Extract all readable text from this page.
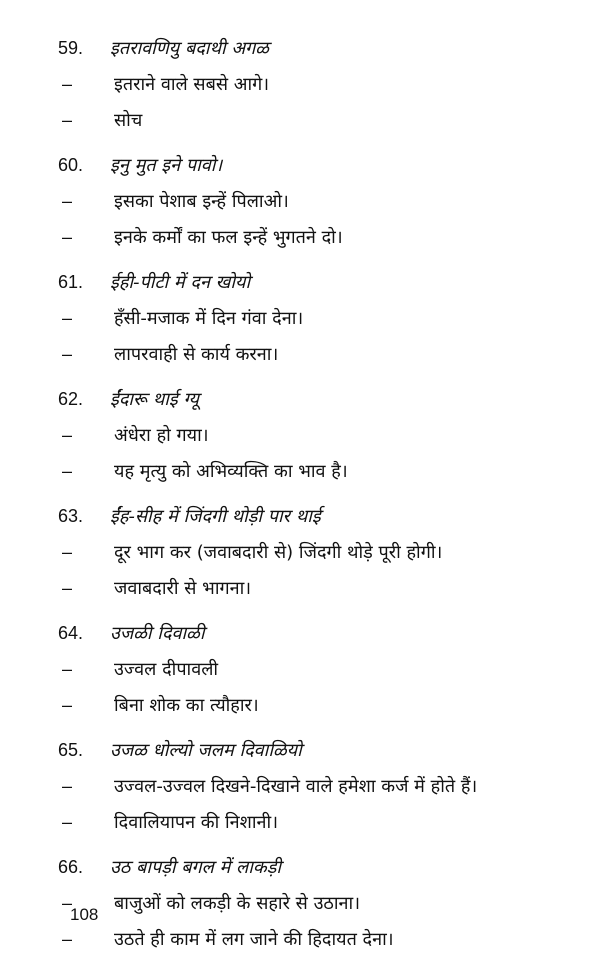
59.	इतरावणियु बदाथी अगळ
–	इतराने वाले सबसे आगे।
–	सोच
60.	इनु मुत इने पावो।
–	इसका पेशाब इन्हें पिलाओ।
–	इनके कर्मों का फल इन्हें भुगतने दो।
61.	ईही-पीटी में दन खोयो
–	हँसी-मजाक में दिन गंवा देना।
–	लापरवाही से कार्य करना।
62.	ईंदारू थाई ग्यू
–	अंधेरा हो गया।
–	यह मृत्यु को अभिव्यक्ति का भाव है।
63.	ईंह-सीह में जिंदगी थोड़ी पार थाई
–	दूर भाग कर (जवाबदारी से) जिंदगी थोड़े पूरी होगी।
–	जवाबदारी से भागना।
64.	उजळी दिवाळी
–	उज्वल दीपावली
–	बिना शोक का त्यौहार।
65.	उजळ धोल्यो जलम दिवाळियो
–	उज्वल-उज्वल दिखने-दिखाने वाले हमेशा कर्ज में होते हैं।
–	दिवालियापन की निशानी।
66.	उठ बापड़ी बगल में लाकड़ी
–	बाजुओं को लकड़ी के सहारे से उठाना।
–	उठते ही काम में लग जाने की हिदायत देना।
108
